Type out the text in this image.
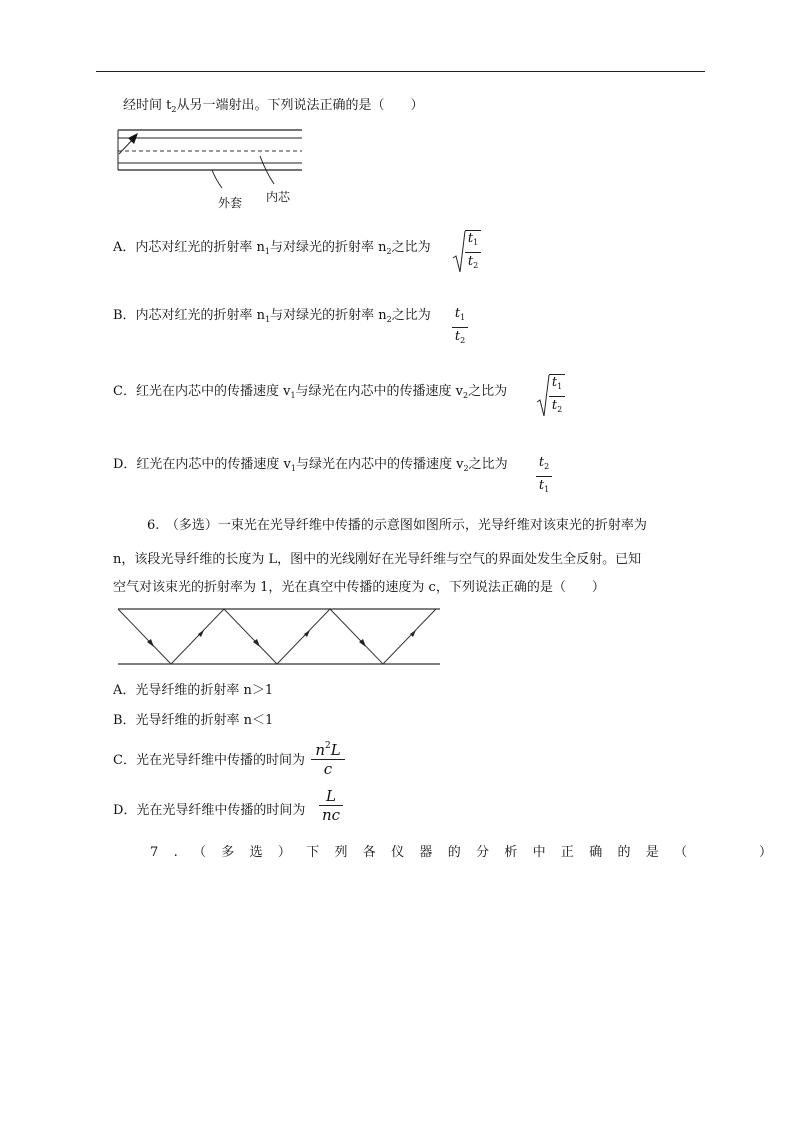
经时间 $t_2$从另一端射出。下列说法正确的是（　　）
外套 内芯
A．内芯对红光的折射率 $n_1$与对绿光的折射率 $n_2$之比为
$t_1$
$t_2$
B．内芯对红光的折射率 $n_1$与对绿光的折射率 $n_2$之比为 $t_1$
$t_2$
C．红光在内芯中的传播速度 $v_1$与绿光在内芯中的传播速度 $v_2$之比为
$t_1$
$t_2$
D．红光在内芯中的传播速度 $v_1$与绿光在内芯中的传播速度 $v_2$之比为 $t_2$
$t_1$
6.　（多选）一束光在光导纤维中传播的示意图如图所示，光导纤维对该束光的折射率为
n，该段光导纤维的长度为 L，图中的光线刚好在光导纤维与空气的界面处发生全反射。已知
空气对该束光的折射率为 1，光在真空中传播的速度为 c，下列说法正确的是（　　）
A．光导纤维的折射率 n＞1
B．光导纤维的折射率 n＜1
C．光在光导纤维中传播的时间为
$n^2L$
c
D．光在光导纤维中传播的时间为
L
nc
7.（多选）下列各仪器的分析中正确的是（　　）
